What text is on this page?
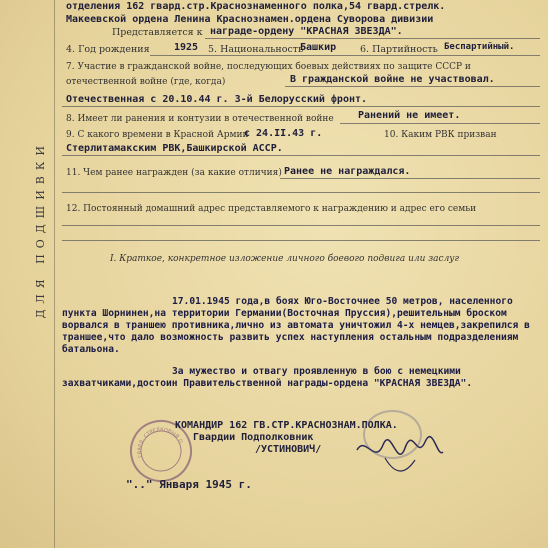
ДЛЯ ПОДШИВКИ
отделения 162 гвард.стр.Краснознаменного полка,54 гвард.стрелк.
Макеевской ордена Ленина Краснознамен.ордена Суворова дивизии
Представляется к награде-ордену "КРАСНАЯ ЗВЕЗДА".
4. Год рождения 1925 5. Национальность
Башкир	6. Партийность Беспартийный.
7. Участие в гражданской войне, последующих боевых действиях по защите СССР и
отечественной войне (где, когда)	В гражданской войне не участвовал.
Отечественная с 20.10.44 г. 3-й Белорусский фронт.
8. Имеет ли ранения и контузии в отечественной войне Ранений не имеет.
9. С какого времени в Красной Армии
с 24.II.43 г.	10. Каким РВК призван
Стерлитамакским РВК,Башкирской АССР.
11. Чем ранее награжден (за какие отличия) Ранее не награждался.
12. Постоянный домашний адрес представляемого к награждению и адрес его семьи
I. Краткое, конкретное изложение личного боевого подвига или заслуг
17.01.1945 года,в боях Юго-Восточнее 50 метров, населенного пункта Шорнинен,на территории Германии(Восточная Пруссия),решительным броском ворвался в траншею противника,лично из автомата уничтожил 4-х немцев,закрепился в траншее,что дало возможность развить успех наступления остальным подразделениям батальона.
За мужество и отвагу проявленную в бою с немецкими захватчиками,достоин Правительственной награды-ордена "КРАСНАЯ ЗВЕЗДА".
ГВАРД. СТРЕЛКОВЫЙ ПОЛК
КОМАНДИР 162 ГВ.СТР.КРАСНОЗНАМ.ПОЛКА.
Гвардии Подполковник
/УСТИНОВИЧ/
".." Января 1945 г.
